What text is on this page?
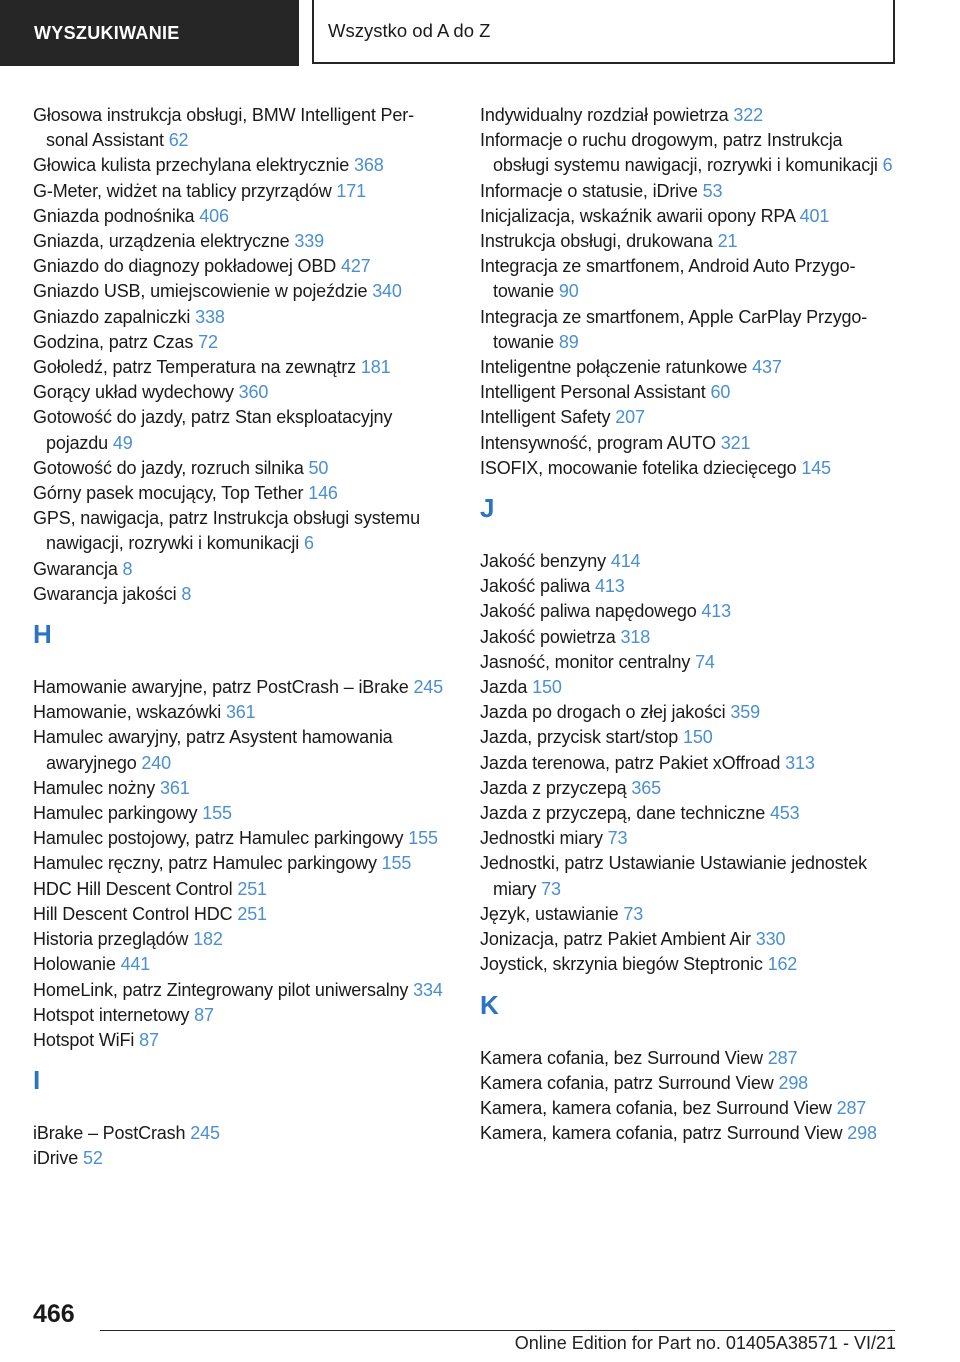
WYSZUKIWANIE	Wszystko od A do Z
Głosowa instrukcja obsługi, BMW Intelligent Personal Assistant 62
Głowica kulista przechylana elektrycznie 368
G-Meter, widżet na tablicy przyrządów 171
Gniazda podnośnika 406
Gniazda, urządzenia elektryczne 339
Gniazdo do diagnozy pokładowej OBD 427
Gniazdo USB, umiejscowienie w pojeździe 340
Gniazdo zapalniczki 338
Godzina, patrz Czas 72
Gołoledź, patrz Temperatura na zewnątrz 181
Gorący układ wydechowy 360
Gotowość do jazdy, patrz Stan eksploatacyjny pojazdu 49
Gotowość do jazdy, rozruch silnika 50
Górny pasek mocujący, Top Tether 146
GPS, nawigacja, patrz Instrukcja obsługi systemu nawigacji, rozrywki i komunikacji 6
Gwarancja 8
Gwarancja jakości 8
H
Hamowanie awaryjne, patrz PostCrash – iBrake 245
Hamowanie, wskazówki 361
Hamulec awaryjny, patrz Asystent hamowania awaryjnego 240
Hamulec nożny 361
Hamulec parkingowy 155
Hamulec postojowy, patrz Hamulec parkingowy 155
Hamulec ręczny, patrz Hamulec parkingowy 155
HDC Hill Descent Control 251
Hill Descent Control HDC 251
Historia przeglądów 182
Holowanie 441
HomeLink, patrz Zintegrowany pilot uniwersalny 334
Hotspot internetowy 87
Hotspot WiFi 87
I
iBrake – PostCrash 245
iDrive 52
Indywidualny rozdział powietrza 322
Informacje o ruchu drogowym, patrz Instrukcja obsługi systemu nawigacji, rozrywki i komunikacji 6
Informacje o statusie, iDrive 53
Inicjalizacja, wskaźnik awarii opony RPA 401
Instrukcja obsługi, drukowana 21
Integracja ze smartfonem, Android Auto Przygotowanie 90
Integracja ze smartfonem, Apple CarPlay Przygotowanie 89
Inteligentne połączenie ratunkowe 437
Intelligent Personal Assistant 60
Intelligent Safety 207
Intensywność, program AUTO 321
ISOFIX, mocowanie fotelika dziecięcego 145
J
Jakość benzyny 414
Jakość paliwa 413
Jakość paliwa napędowego 413
Jakość powietrza 318
Jasność, monitor centralny 74
Jazda 150
Jazda po drogach o złej jakości 359
Jazda, przycisk start/stop 150
Jazda terenowa, patrz Pakiet xOffroad 313
Jazda z przyczepą 365
Jazda z przyczepą, dane techniczne 453
Jednostki miary 73
Jednostki, patrz Ustawianie Ustawianie jednostek miary 73
Język, ustawianie 73
Jonizacja, patrz Pakiet Ambient Air 330
Joystick, skrzynia biegów Steptronic 162
K
Kamera cofania, bez Surround View 287
Kamera cofania, patrz Surround View 298
Kamera, kamera cofania, bez Surround View 287
Kamera, kamera cofania, patrz Surround View 298
466
Online Edition for Part no. 01405A38571 - VI/21
